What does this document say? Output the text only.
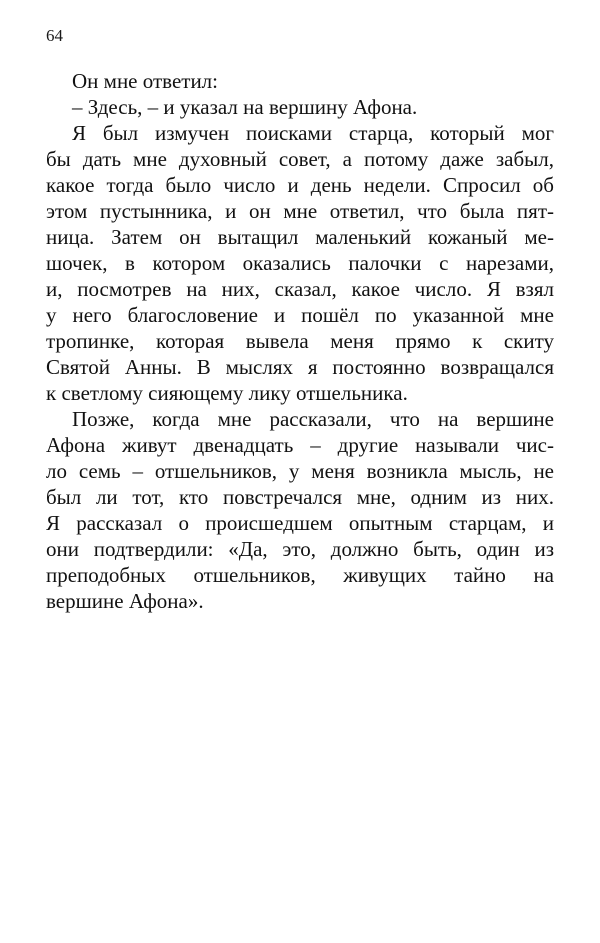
64
Он мне ответил:
– Здесь, – и указал на вершину Афона.
Я был измучен поисками старца, который мог
бы дать мне духовный совет, а потому даже забыл,
какое тогда было число и день недели. Спросил об
этом пустынника, и он мне ответил, что была пят-
ница. Затем он вытащил маленький кожаный ме-
шочек, в котором оказались палочки с нарезами,
и, посмотрев на них, сказал, какое число. Я взял
у него благословение и пошёл по указанной мне
тропинке, которая вывела меня прямо к скиту
Святой Анны. В мыслях я постоянно возвращался
к светлому сияющему лику отшельника.
Позже, когда мне рассказали, что на вершине
Афона живут двенадцать – другие называли чис-
ло семь – отшельников, у меня возникла мысль, не
был ли тот, кто повстречался мне, одним из них.
Я рассказал о происшедшем опытным старцам, и
они подтвердили: «Да, это, должно быть, один из
преподобных отшельников, живущих тайно на
вершине Афона».
